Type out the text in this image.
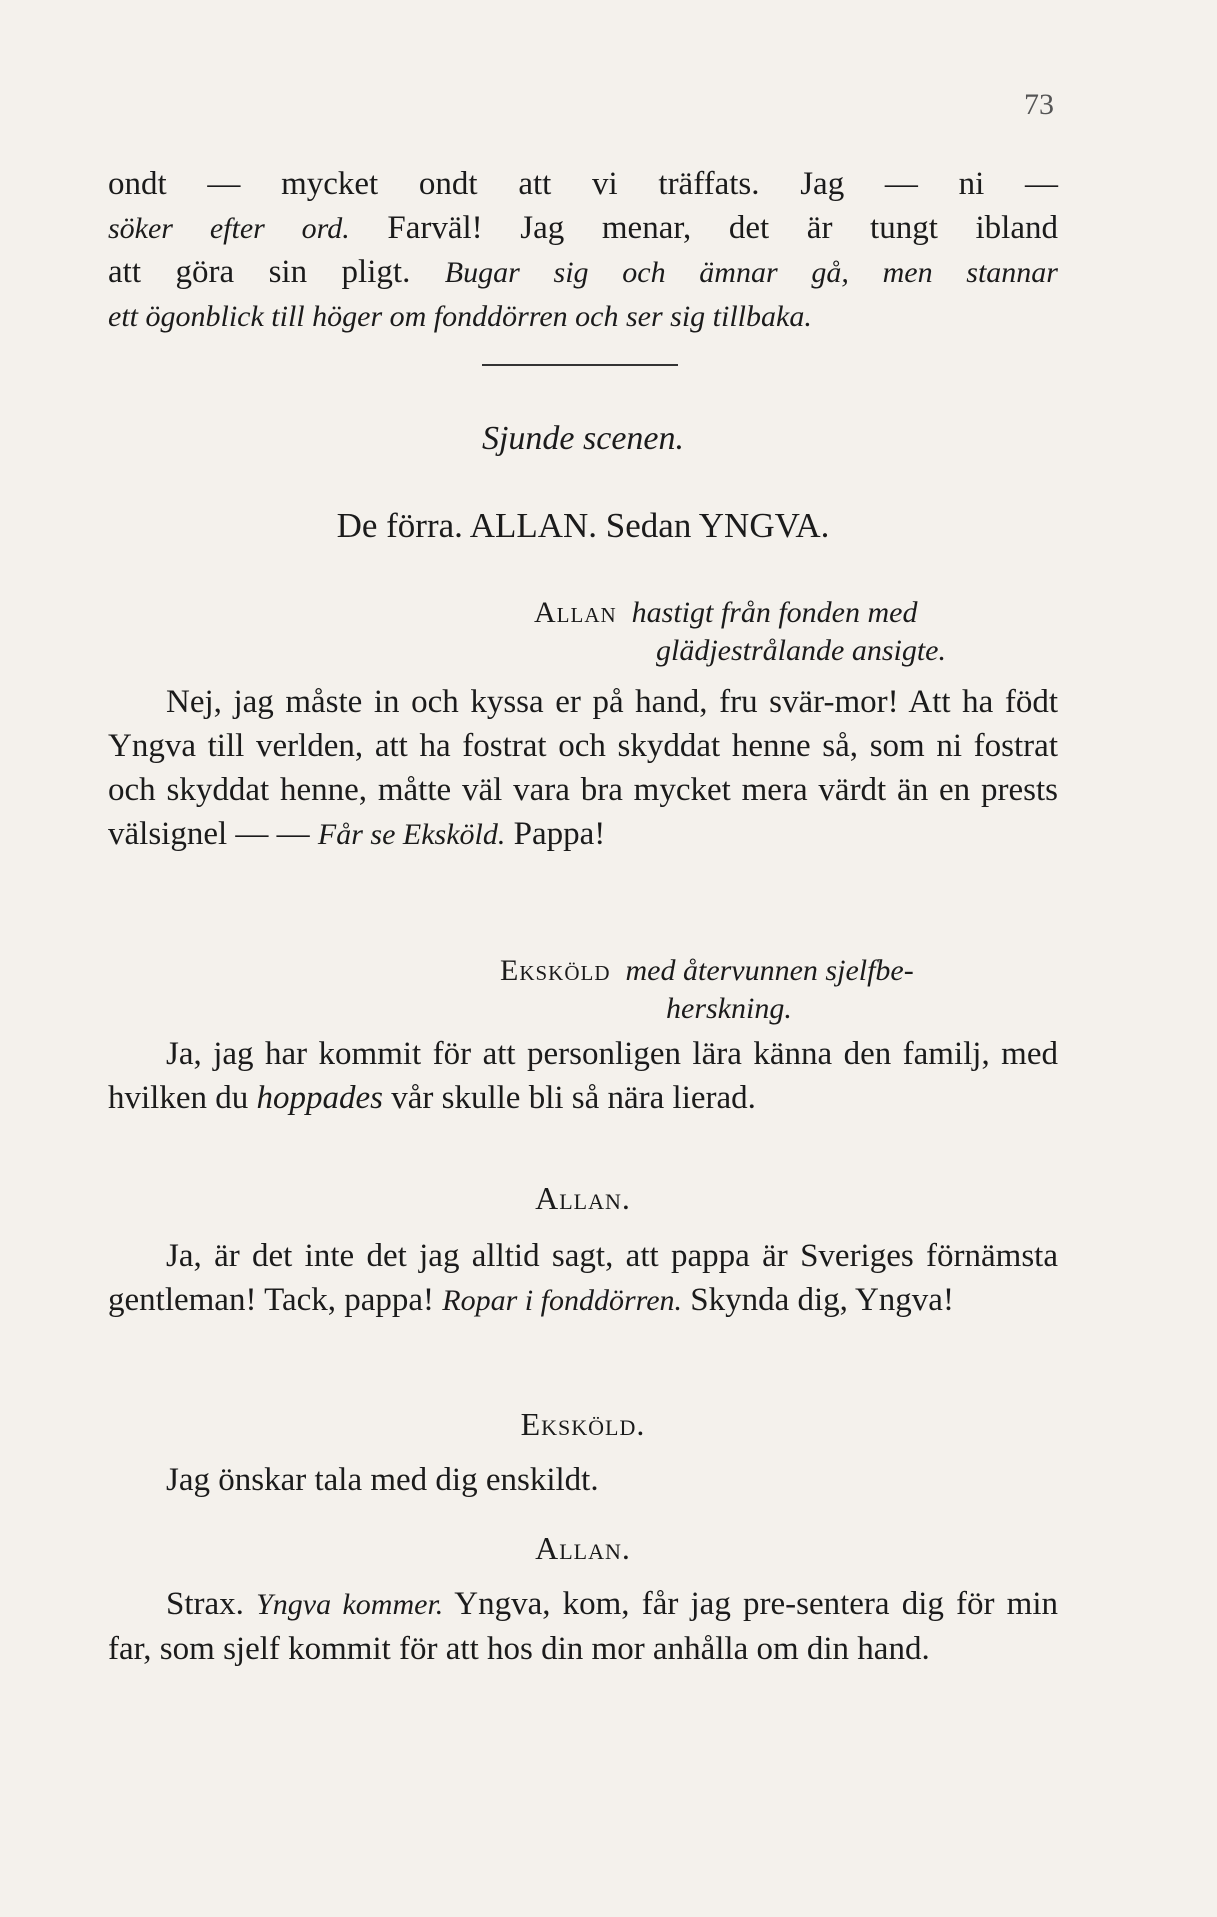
73

ondt — mycket ondt att vi träffats. Jag — ni —

söker efter ord. Farväl! Jag menar, det är tungt ibland

att göra sin pligt. Bugar sig och ämnar gå, men stannar

ett ögonblick till höger om fonddörren och ser sig tillbaka.

Sjunde scenen.

De förra. ALLAN. Sedan YNGVA.

Allan hastigt från fonden med

glädjestrålande ansigte.

Nej, jag måste in och kyssa er på hand, fru svär-mor! Att ha födt Yngva till verlden, att ha fostrat och skyddat henne så, som ni fostrat och skyddat henne, måtte väl vara bra mycket mera värdt än en prests välsignel — — Får se Ekskӧld. Pappa!

Eksköld med återvunnen sjelfbe-

herskning.

Ja, jag har kommit för att personligen lära känna den familj, med hvilken du hoppades vår skulle bli så nära lierad.

Allan.

Ja, är det inte det jag alltid sagt, att pappa är Sveriges förnämsta gentleman! Tack, pappa! Ropar i fonddörren. Skynda dig, Yngva!

Eksköld.

Jag önskar tala med dig enskildt.

Allan.

Strax. Yngva kommer. Yngva, kom, får jag pre-sentera dig för min far, som sjelf kommit för att hos din mor anhålla om din hand.
